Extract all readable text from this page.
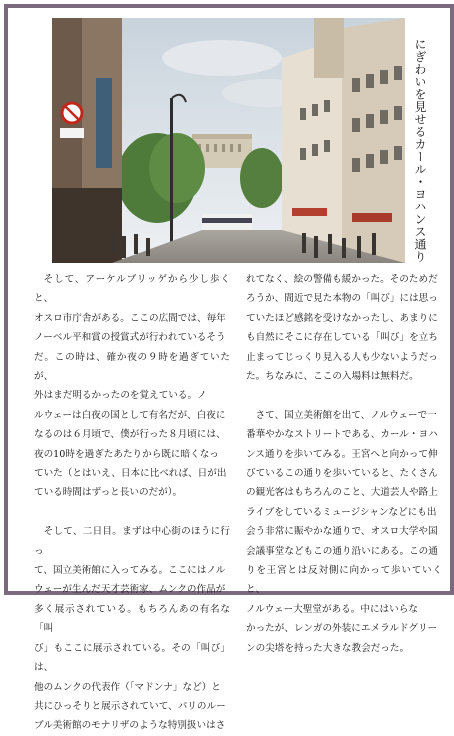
にぎわいを見せるカール・ヨハンス通り

そして、アーケルブリッゲから少し歩くと、
オスロ市庁舎がある。ここの広間では、毎年
ノーベル平和賞の授賞式が行われているそう
だ。この時は、確か夜の９時を過ぎていたが、
外はまだ明るかったのを覚えている。ノ
ルウェーは白夜の国として有名だが、白夜に
なるのは６月頃で、僕が行った８月頃には、
夜の10時を過ぎたあたりから既に暗くなっ
ていた（とはいえ、日本に比べれば、日が出
ている時間はずっと長いのだが）。

そして、二日目。まずは中心街のほうに行っ
て、国立美術館に入ってみる。ここにはノル
ウェーが生んだ天才芸術家、ムンクの作品が
多く展示されている。もちろんあの有名な「叫
び」もここに展示されている。その「叫び」は、
他のムンクの代表作（「マドンナ」など）と
共にひっそりと展示されていて、パリのルー
ブル美術館のモナリザのような特別扱いはさ

れてなく、絵の警備も緩かった。そのためだ
ろうか、間近で見た本物の「叫び」には思っ
ていたほど感銘を受けなかったし、あまりに
も自然にそこに存在している「叫び」を立ち
止まってじっくり見入る人も少ないようだっ
た。ちなみに、ここの入場料は無料だ。

さて、国立美術館を出て、ノルウェーで一
番華やかなストリートである、カール・ヨハ
ンス通りを歩いてみる。王宮へと向かって伸
びているこの通りを歩いていると、たくさん
の観光客はもちろんのこと、大道芸人や路上
ライブをしているミュージシャンなどにも出
会う非常に賑やかな通りで、オスロ大学や国
会議事堂などもこの通り沿いにある。この通
りを王宮とは反対側に向かって歩いていくと、
ノルウェー大聖堂がある。中にはいらな
かったが、レンガの外装にエメラルドグリー
ンの尖塔を持った大きな教会だった。
